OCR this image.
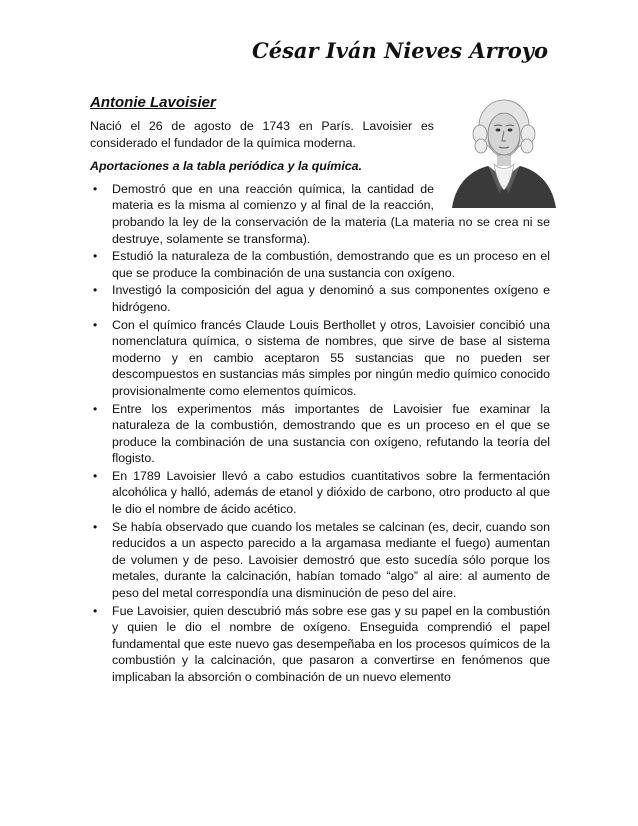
César Iván Nieves Arroyo
Antonie Lavoisier

Nació el 26 de agosto de 1743 en París. Lavoisier es considerado el fundador de la química moderna.

Aportaciones a la tabla periódica y la química.
• Demostró que en una reacción química, la cantidad de materia es la misma al comienzo y al final de la reacción, probando la ley de la conservación de la materia (La materia no se crea ni se destruye, solamente se transforma).
• Estudió la naturaleza de la combustión, demostrando que es un proceso en el que se produce la combinación de una sustancia con oxígeno.
• Investigó la composición del agua y denominó a sus componentes oxígeno e hidrógeno.
• Con el químico francés Claude Louis Berthollet y otros, Lavoisier concibió una nomenclatura química, o sistema de nombres, que sirve de base al sistema moderno y en cambio aceptaron 55 sustancias que no pueden ser descompuestos en sustancias más simples por ningún medio químico conocido provisionalmente como elementos químicos.
• Entre los experimentos más importantes de Lavoisier fue examinar la naturaleza de la combustión, demostrando que es un proceso en el que se produce la combinación de una sustancia con oxígeno, refutando la teoría del flogisto.
• En 1789 Lavoisier llevó a cabo estudios cuantitativos sobre la fermentación alcohólica y halló, además de etanol y dióxido de carbono, otro producto al que le dio el nombre de ácido acético.
• Se había observado que cuando los metales se calcinan (es, decir, cuando son reducidos a un aspecto parecido a la argamasa mediante el fuego) aumentan de volumen y de peso. Lavoisier demostró que esto sucedía sólo porque los metales, durante la calcinación, habían tomado “algo” al aire: al aumento de peso del metal correspondía una disminución de peso del aire.
• Fue Lavoisier, quien descubrió más sobre ese gas y su papel en la combustión y quien le dio el nombre de oxígeno. Enseguida comprendió el papel fundamental que este nuevo gas desempeñaba en los procesos químicos de la combustión y la calcinación, que pasaron a convertirse en fenómenos que implicaban la absorción o combinación de un nuevo elemento
